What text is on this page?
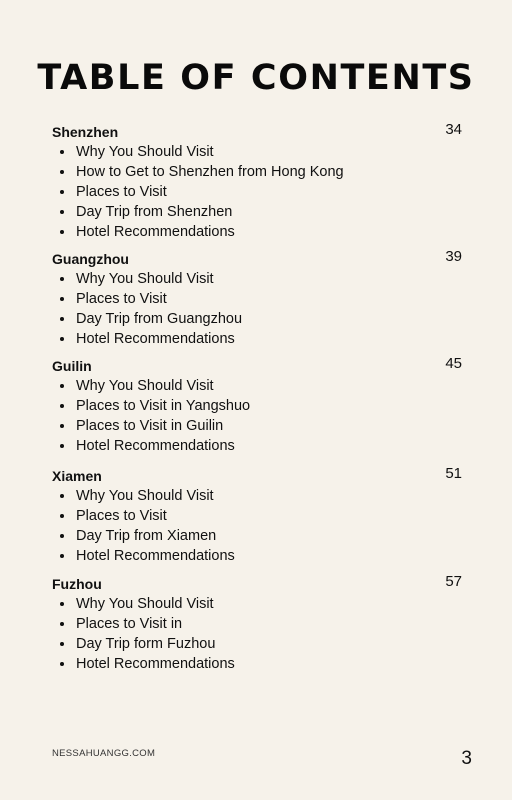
TABLE OF CONTENTS
Shenzhen	34
Why You Should Visit
How to Get to Shenzhen from Hong Kong
Places to Visit
Day Trip from Shenzhen
Hotel Recommendations
Guangzhou	39
Why You Should Visit
Places to Visit
Day Trip from Guangzhou
Hotel Recommendations
Guilin	45
Why You Should Visit
Places to Visit in Yangshuo
Places to Visit in Guilin
Hotel Recommendations
Xiamen	51
Why You Should Visit
Places to Visit
Day Trip from Xiamen
Hotel Recommendations
Fuzhou	57
Why You Should Visit
Places to Visit in
Day Trip form Fuzhou
Hotel Recommendations
NESSAHUANGG.COM	3
